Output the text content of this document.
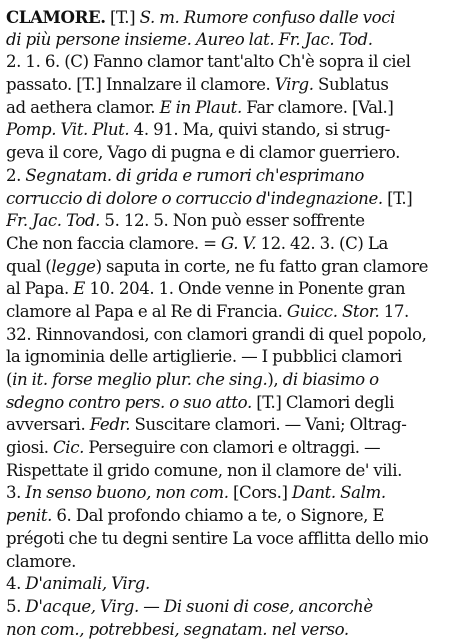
CLAMORE. [T.] S. m. Rumore confuso dalle voci
di più persone insieme. Aureo lat. Fr. Jac. Tod.
2. 1. 6. (C) Fanno clamor tant'alto Ch'è sopra il ciel
passato. [T.] Innalzare il clamore. Virg. Sublatus
ad aethera clamor. E in Plaut. Far clamore. [Val.]
Pomp. Vit. Plut. 4. 91. Ma, quivi stando, si strug-
geva il core, Vago di pugna e di clamor guerriero.
2. Segnatam. di grida e rumori ch'esprimano
corruccio di dolore o corruccio d'indegnazione. [T.]
Fr. Jac. Tod. 5. 12. 5. Non può esser soffrente
Che non faccia clamore. = G. V. 12. 42. 3. (C) La
qual (legge) saputa in corte, ne fu fatto gran clamore
al Papa. E 10. 204. 1. Onde venne in Ponente gran
clamore al Papa e al Re di Francia. Guicc. Stor. 17.
32. Rinnovandosi, con clamori grandi di quel popolo,
la ignominia delle artiglierie. — I pubblici clamori
(in it. forse meglio plur. che sing.), di biasimo o
sdegno contro pers. o suo atto. [T.] Clamori degli
avversari. Fedr. Suscitare clamori. — Vani; Oltrag-
giosi. Cic. Perseguire con clamori e oltraggi. —
Rispettate il grido comune, non il clamore de' vili.
3. In senso buono, non com. [Cors.] Dant. Salm.
penit. 6. Dal profondo chiamo a te, o Signore, E
prégoti che tu degni sentire La voce afflitta dello mio
clamore.
4. D'animali, Virg.
5. D'acque, Virg. — Di suoni di cose, ancorchè
non com., potrebbesi, segnatam. nel verso.
